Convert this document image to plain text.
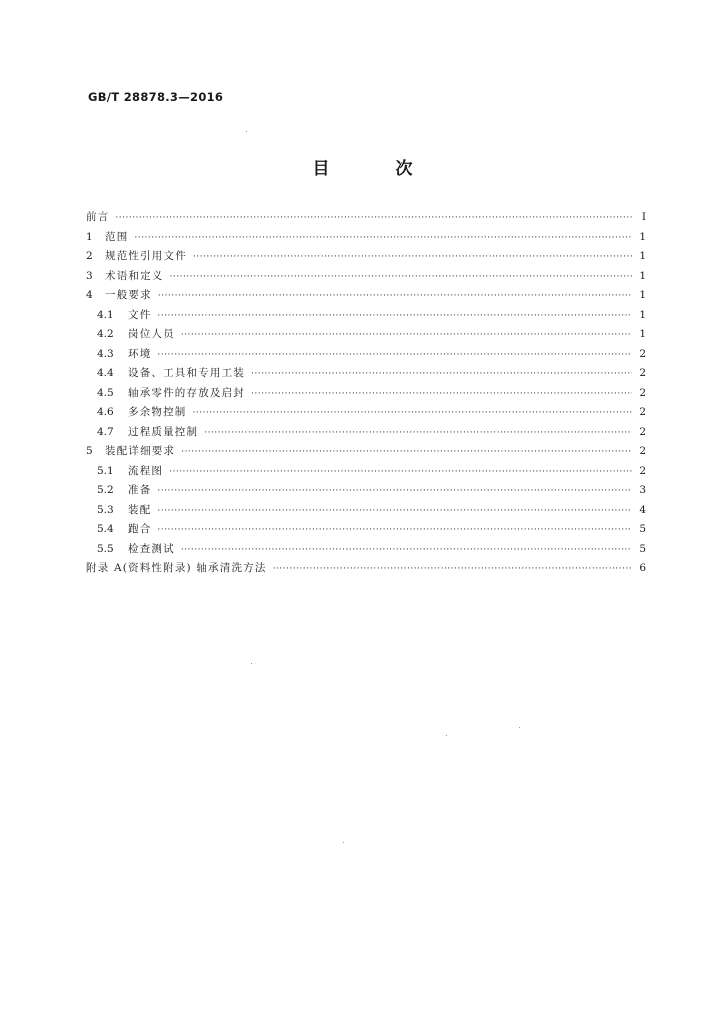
GB/T 28878.3—2016
目 次
前言 ·····	Ⅰ
1	范围 ·····	1
2	规范性引用文件 ·····	1
3	术语和定义 ·····	1
4	一般要求 ·····	1
4.1	文件 ·····	1
4.2	岗位人员 ·····	1
4.3	环境 ·····	2
4.4	设备、工具和专用工装 ·····	2
4.5	轴承零件的存放及启封 ·····	2
4.6	多余物控制 ·····	2
4.7	过程质量控制 ·····	2
5	装配详细要求 ·····	2
5.1	流程图 ·····	2
5.2	准备 ·····	3
5.3	装配 ·····	4
5.4	跑合 ·····	5
5.5	检查测试 ·····	5
附录 A(资料性附录) 轴承清洗方法 ·····	6
